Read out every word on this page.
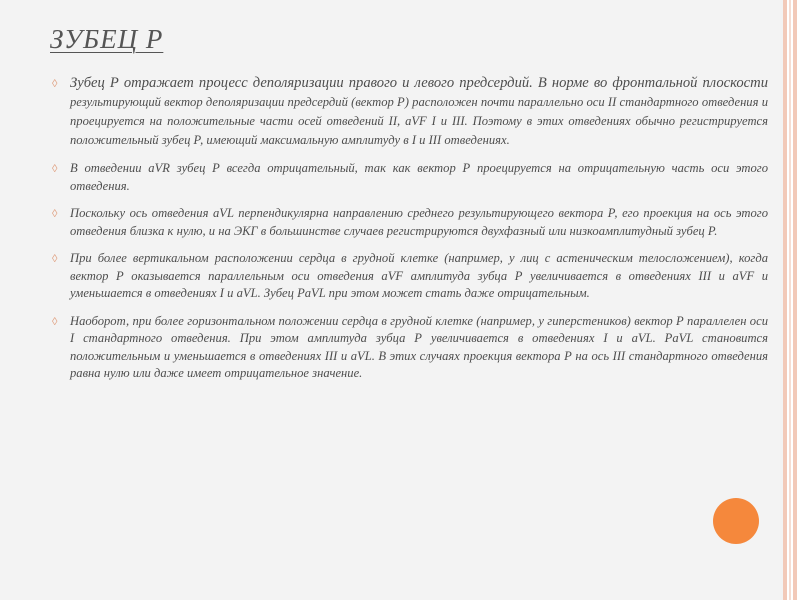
ЗУБЕЦ Р
◊ Зубец Р отражает процесс деполяризации правого и левого предсердий. В норме во фронтальной плоскости результирующий вектор деполяризации предсердий (вектор Р) расположен почти параллельно оси II стандартного отведения и проецируется на положительные части осей отведений II, aVF I и III. Поэтому в этих отведениях обычно регистрируется положительный зубец Р, имеющий максимальную амплитуду в I и III отведениях.
◊ В отведении aVR зубец Р всегда отрицательный, так как вектор Р проецируется на отрицательную часть оси этого отведения.
◊ Поскольку ось отведения aVL перпендикулярна направлению среднего результирующего вектора Р, его проекция на ось этого отведения близка к нулю, и на ЭКГ в большинстве случаев регистрируются двухфазный или низкоамплитудный зубец Р.
◊ При более вертикальном расположении сердца в грудной клетке (например, у лиц с астеническим телосложением), когда вектор Р оказывается параллельным оси отведения aVF амплитуда зубца Р увеличивается в отведениях III и aVF и уменьшается в отведениях I и aVL. Зубец РaVL при этом может стать даже отрицательным.
◊ Наоборот, при более горизонтальном положении сердца в грудной клетке (например, у гиперстеников) вектор Р параллелен оси I стандартного отведения. При этом амплитуда зубца Р увеличивается в отведениях I и aVL. РaVL становится положительным и уменьшается в отведениях III и aVL. В этих случаях проекция вектора Р на ось III стандартного отведения равна нулю или даже имеет отрицательное значение.
